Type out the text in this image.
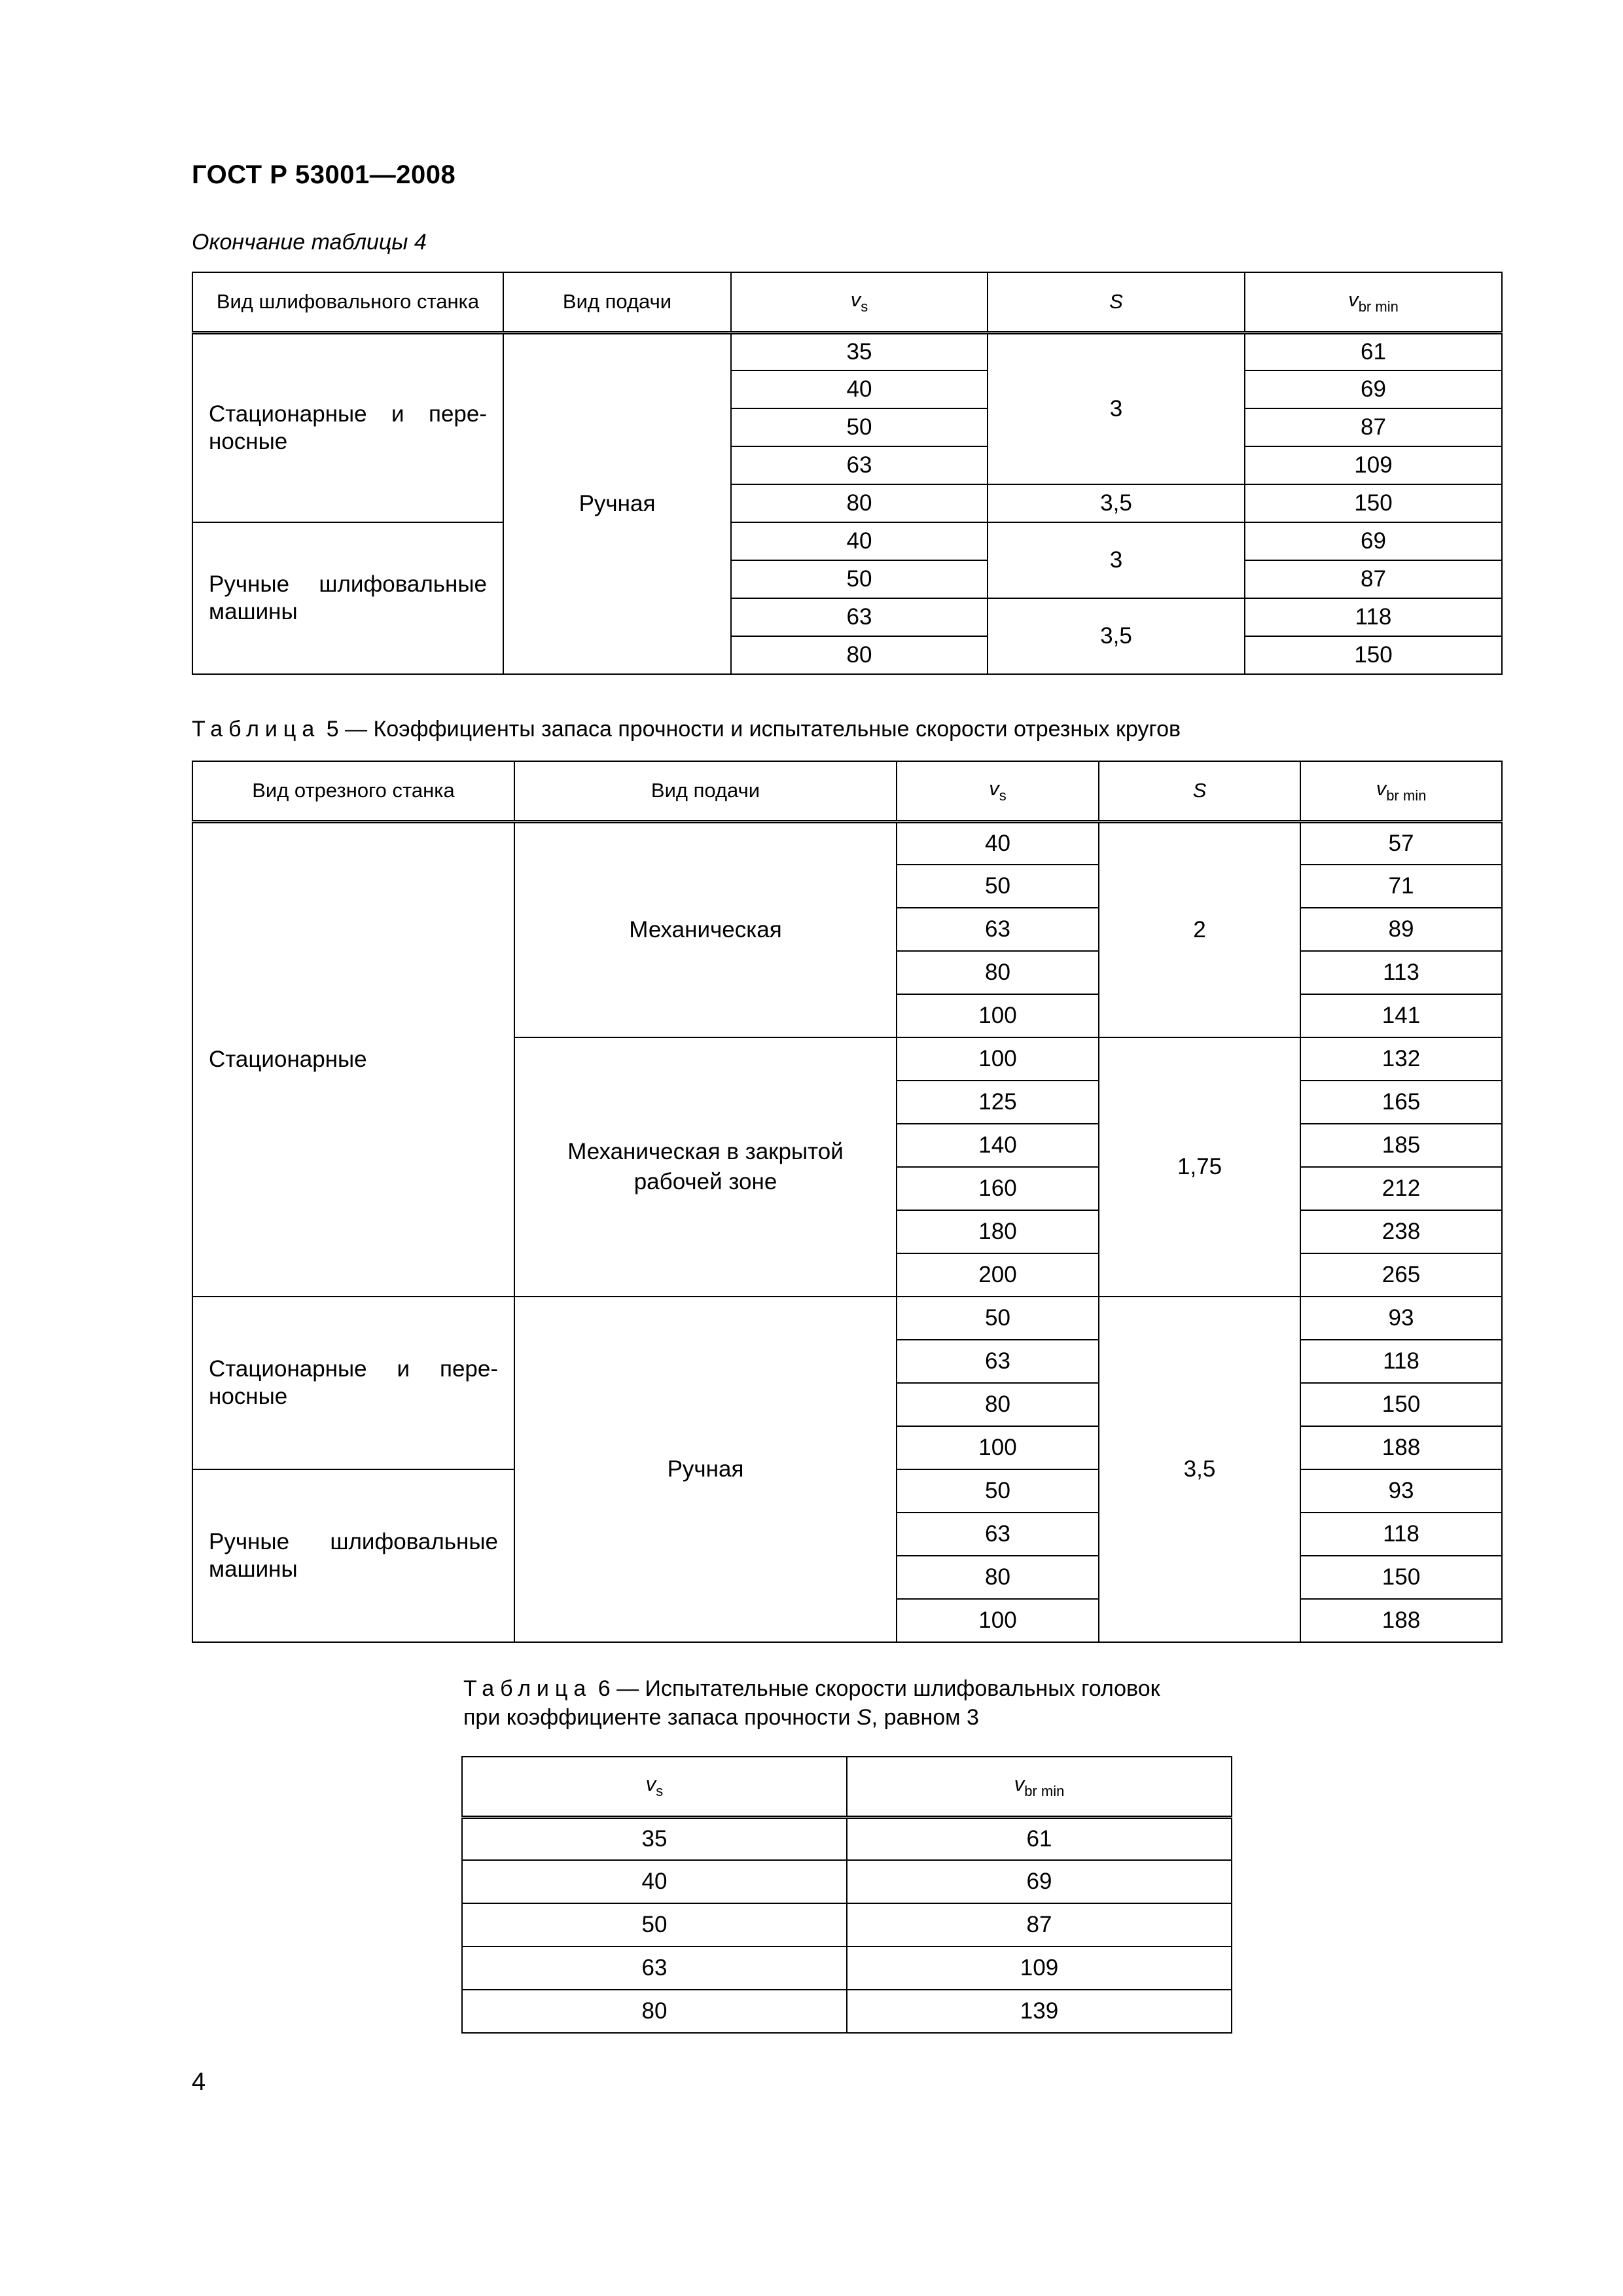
ГОСТ Р 53001—2008
Окончание таблицы 4
Вид шлифовального станка	Вид подачи	$v_s$	S	$v_{br min}$
Стационарные и пере-носные	Ручная	35	3	61
		40		69
		50		87
		63		109
		80	3,5	150
Ручные шлифовальные машины		40	3	69
		50		87
		63	3,5	118
		80		150
Таблица 5 — Коэффициенты запаса прочности и испытательные скорости отрезных кругов
Вид отрезного станка	Вид подачи	$v_s$	S	$v_{br min}$
Стационарные	Механическая	40	2	57
		50		71
		63		89
		80		113
		100		141
	Механическая в закрытой рабочей зоне	100	1,75	132
		125		165
		140		185
		160		212
		180		238
		200		265
Стационарные и пере-носные	Ручная	50	3,5	93
		63		118
		80		150
		100		188
Ручные шлифовальные машины		50		93
		63		118
		80		150
		100		188
Таблица 6 — Испытательные скорости шлифовальных головок
при коэффициенте запаса прочности S, равном 3
$v_s$	$v_{br min}$
35	61
40	69
50	87
63	109
80	139
4
